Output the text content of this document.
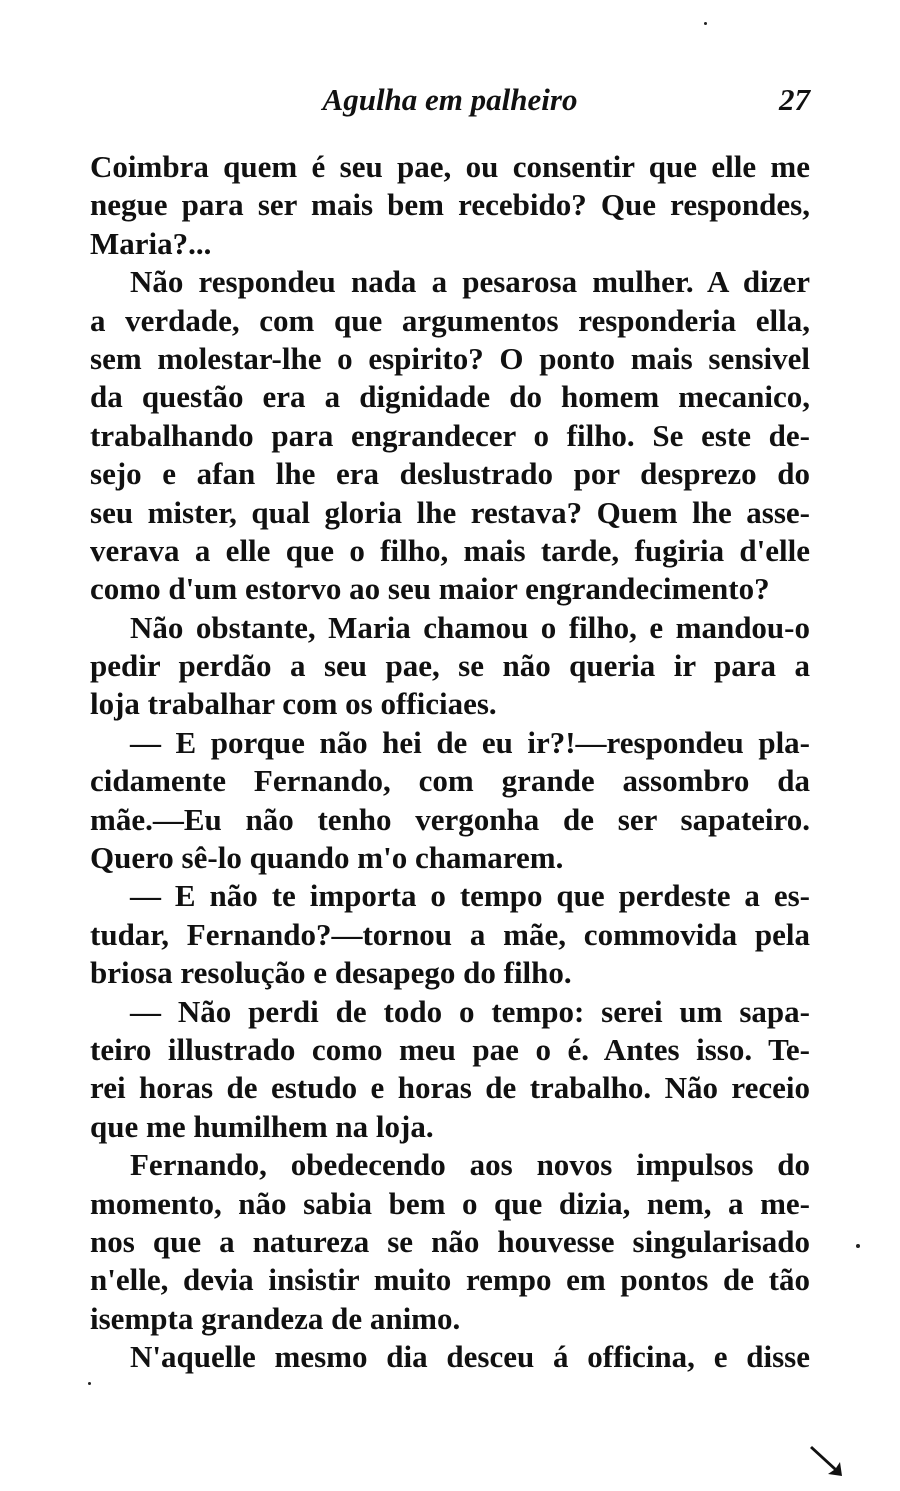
Agulha em palheiro	27
Coimbra quem é seu pae, ou consentir que elle me
negue para ser mais bem recebido? Que respondes,
Maria?...
Não respondeu nada a pesarosa mulher. A dizer
a verdade, com que argumentos responderia ella,
sem molestar-lhe o espirito? O ponto mais sensivel
da questão era a dignidade do homem mecanico,
trabalhando para engrandecer o filho. Se este de-
sejo e afan lhe era deslustrado por desprezo do
seu mister, qual gloria lhe restava? Quem lhe asse-
verava a elle que o filho, mais tarde, fugiria d'elle
como d'um estorvo ao seu maior engrandecimento?
Não obstante, Maria chamou o filho, e mandou-o
pedir perdão a seu pae, se não queria ir para a
loja trabalhar com os officiaes.
— E porque não hei de eu ir?!—respondeu pla-
cidamente Fernando, com grande assombro da
mãe.—Eu não tenho vergonha de ser sapateiro.
Quero sê-lo quando m'o chamarem.
— E não te importa o tempo que perdeste a es-
tudar, Fernando?—tornou a mãe, commovida pela
briosa resolução e desapego do filho.
— Não perdi de todo o tempo: serei um sapa-
teiro illustrado como meu pae o é. Antes isso. Te-
rei horas de estudo e horas de trabalho. Não receio
que me humilhem na loja.
Fernando, obedecendo aos novos impulsos do
momento, não sabia bem o que dizia, nem, a me-
nos que a natureza se não houvesse singularisado
n'elle, devia insistir muito rempo em pontos de tão
isempta grandeza de animo.
N'aquelle mesmo dia desceu á officina, e disse
